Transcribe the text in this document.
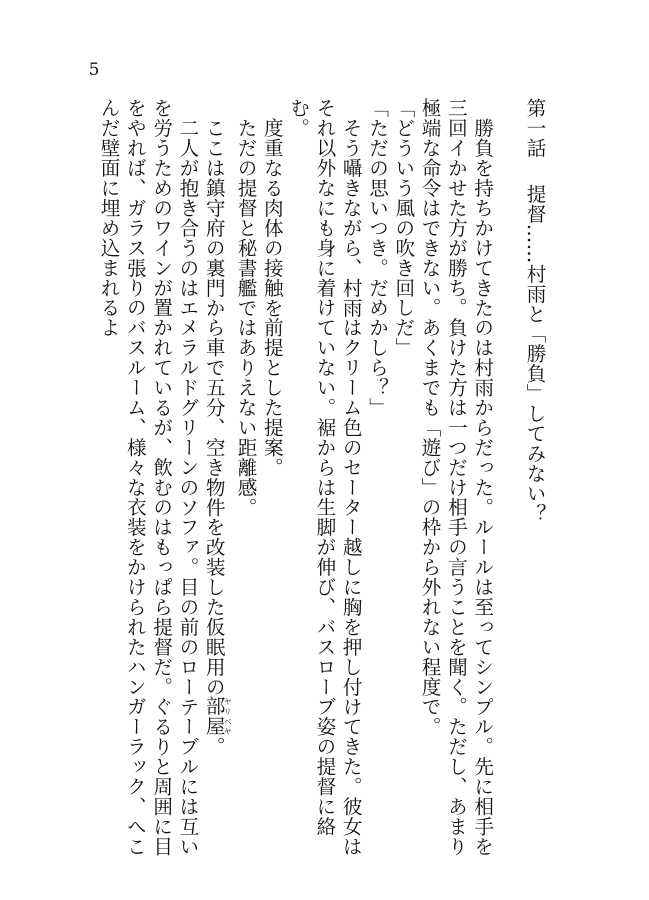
5
第一話提督……村雨と「勝負」してみない？

勝負を持ちかけてきたのは村雨からだった。ルールは至ってシンプル。先に相手を三回イかせた方が勝ち。負けた方は一つだけ相手の言うことを聞く。ただし、あまり極端な命令はできない。あくまでも「遊び」の枠から外れない程度で。

「どういう風の吹き回しだ」

「ただの思いつき。だめかしら？」

そう囁きながら、村雨はクリーム色のセーター越しに胸を押し付けてきた。彼女はそれ以外なにも身に着けていない。裾からは生脚が伸び、バスローブ姿の提督に絡む。

度重なる肉体の接触を前提とした提案。

ただの提督と秘書艦ではありえない距離感。

ここは鎮守府の裏門から車で五分、空き物件を改装した仮眠用の部屋ヤリベヤ。

二人が抱き合うのはエメラルドグリーンのソファ。目の前のローテーブルには互いを労うためのワインが置かれているが、飲むのはもっぱら提督だ。ぐるりと周囲に目をやれば、ガラス張りのバスルーム、様々な衣装をかけられたハンガーラック、へこんだ壁面に埋め込まれるよ
